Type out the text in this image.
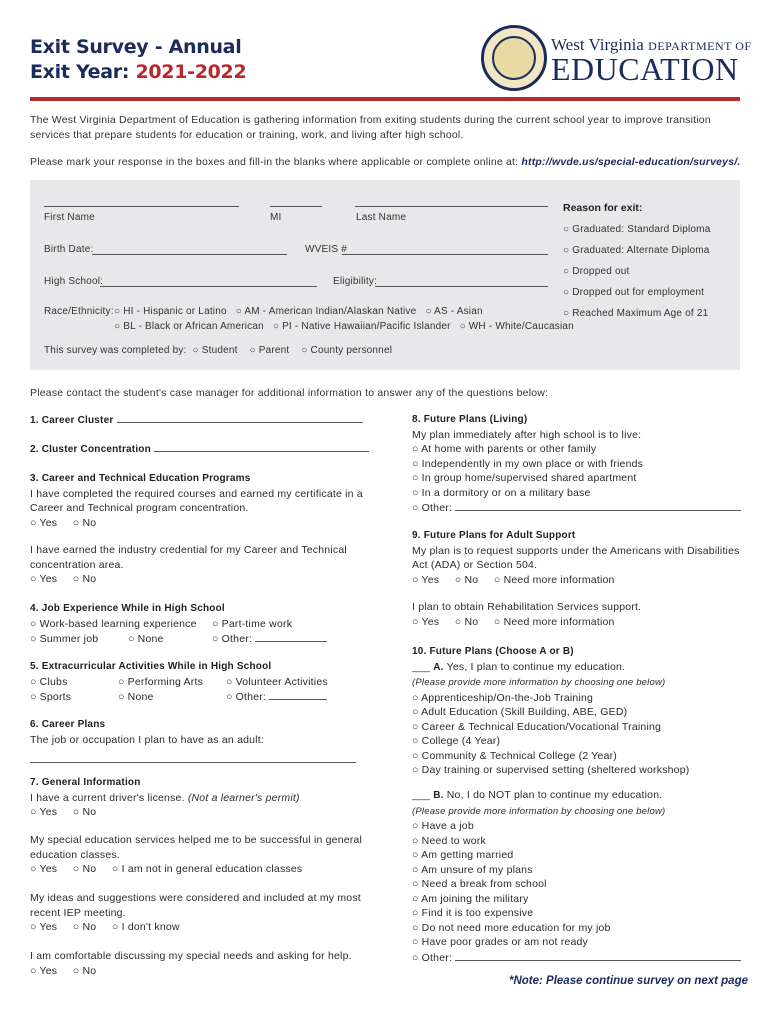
Exit Survey - Annual
Exit Year: 2021-2022
West Virginia DEPARTMENT OF
EDUCATION
The West Virginia Department of Education is gathering information from exiting students during the current school year to improve transition services that prepare students for education or training, work, and living after high school.
Please mark your response in the boxes and fill-in the blanks where applicable or complete online at: http://wvde.us/special-education/surveys/.
First Name	MI	Last Name
Birth Date:	WVEIS #
High School:	Eligibility:
Race/Ethnicity: ○ HI - Hispanic or Latino ○ AM - American Indian/Alaskan Native ○ AS - Asian
○ BL - Black or African American ○ PI - Native Hawaiian/Pacific Islander ○ WH - White/Caucasian
This survey was completed by: ○ Student ○ Parent ○ County personnel
Reason for exit:
○ Graduated: Standard Diploma
○ Graduated: Alternate Diploma
○ Dropped out
○ Dropped out for employment
○ Reached Maximum Age of 21
Please contact the student's case manager for additional information to answer any of the questions below:
1. Career Cluster
2. Cluster Concentration
3. Career and Technical Education Programs
I have completed the required courses and earned my certificate in a Career and Technical program concentration.
○ Yes ○ No
I have earned the industry credential for my Career and Technical concentration area.
○ Yes ○ No
4. Job Experience While in High School
○ Work-based learning experience ○ Part-time work
○ Summer job	○ None	○ Other:
5. Extracurricular Activities While in High School
○ Clubs	○ Performing Arts	○ Volunteer Activities
○ Sports	○ None	○ Other:
6. Career Plans
The job or occupation I plan to have as an adult:
7. General Information
I have a current driver's license. (Not a learner's permit)
○ Yes ○ No
My special education services helped me to be successful in general education classes.
○ Yes ○ No ○ I am not in general education classes
My ideas and suggestions were considered and included at my most recent IEP meeting.
○ Yes ○ No ○ I don't know
I am comfortable discussing my special needs and asking for help.
○ Yes ○ No
8. Future Plans (Living)
My plan immediately after high school is to live:
○ At home with parents or other family
○ Independently in my own place or with friends
○ In group home/supervised shared apartment
○ In a dormitory or on a military base
○ Other:
9. Future Plans for Adult Support
My plan is to request supports under the Americans with Disabilities Act (ADA) or Section 504.
○ Yes ○ No ○ Need more information
I plan to obtain Rehabilitation Services support.
○ Yes ○ No ○ Need more information
10. Future Plans (Choose A or B)
___ A. Yes, I plan to continue my education.
(Please provide more information by choosing one below)
○ Apprenticeship/On-the-Job Training
○ Adult Education (Skill Building, ABE, GED)
○ Career & Technical Education/Vocational Training
○ College (4 Year)
○ Community & Technical College (2 Year)
○ Day training or supervised setting (sheltered workshop)
___ B. No, I do NOT plan to continue my education.
(Please provide more information by choosing one below)
○ Have a job
○ Need to work
○ Am getting married
○ Am unsure of my plans
○ Need a break from school
○ Am joining the military
○ Find it is too expensive
○ Do not need more education for my job
○ Have poor grades or am not ready
○ Other:
*Note: Please continue survey on next page
